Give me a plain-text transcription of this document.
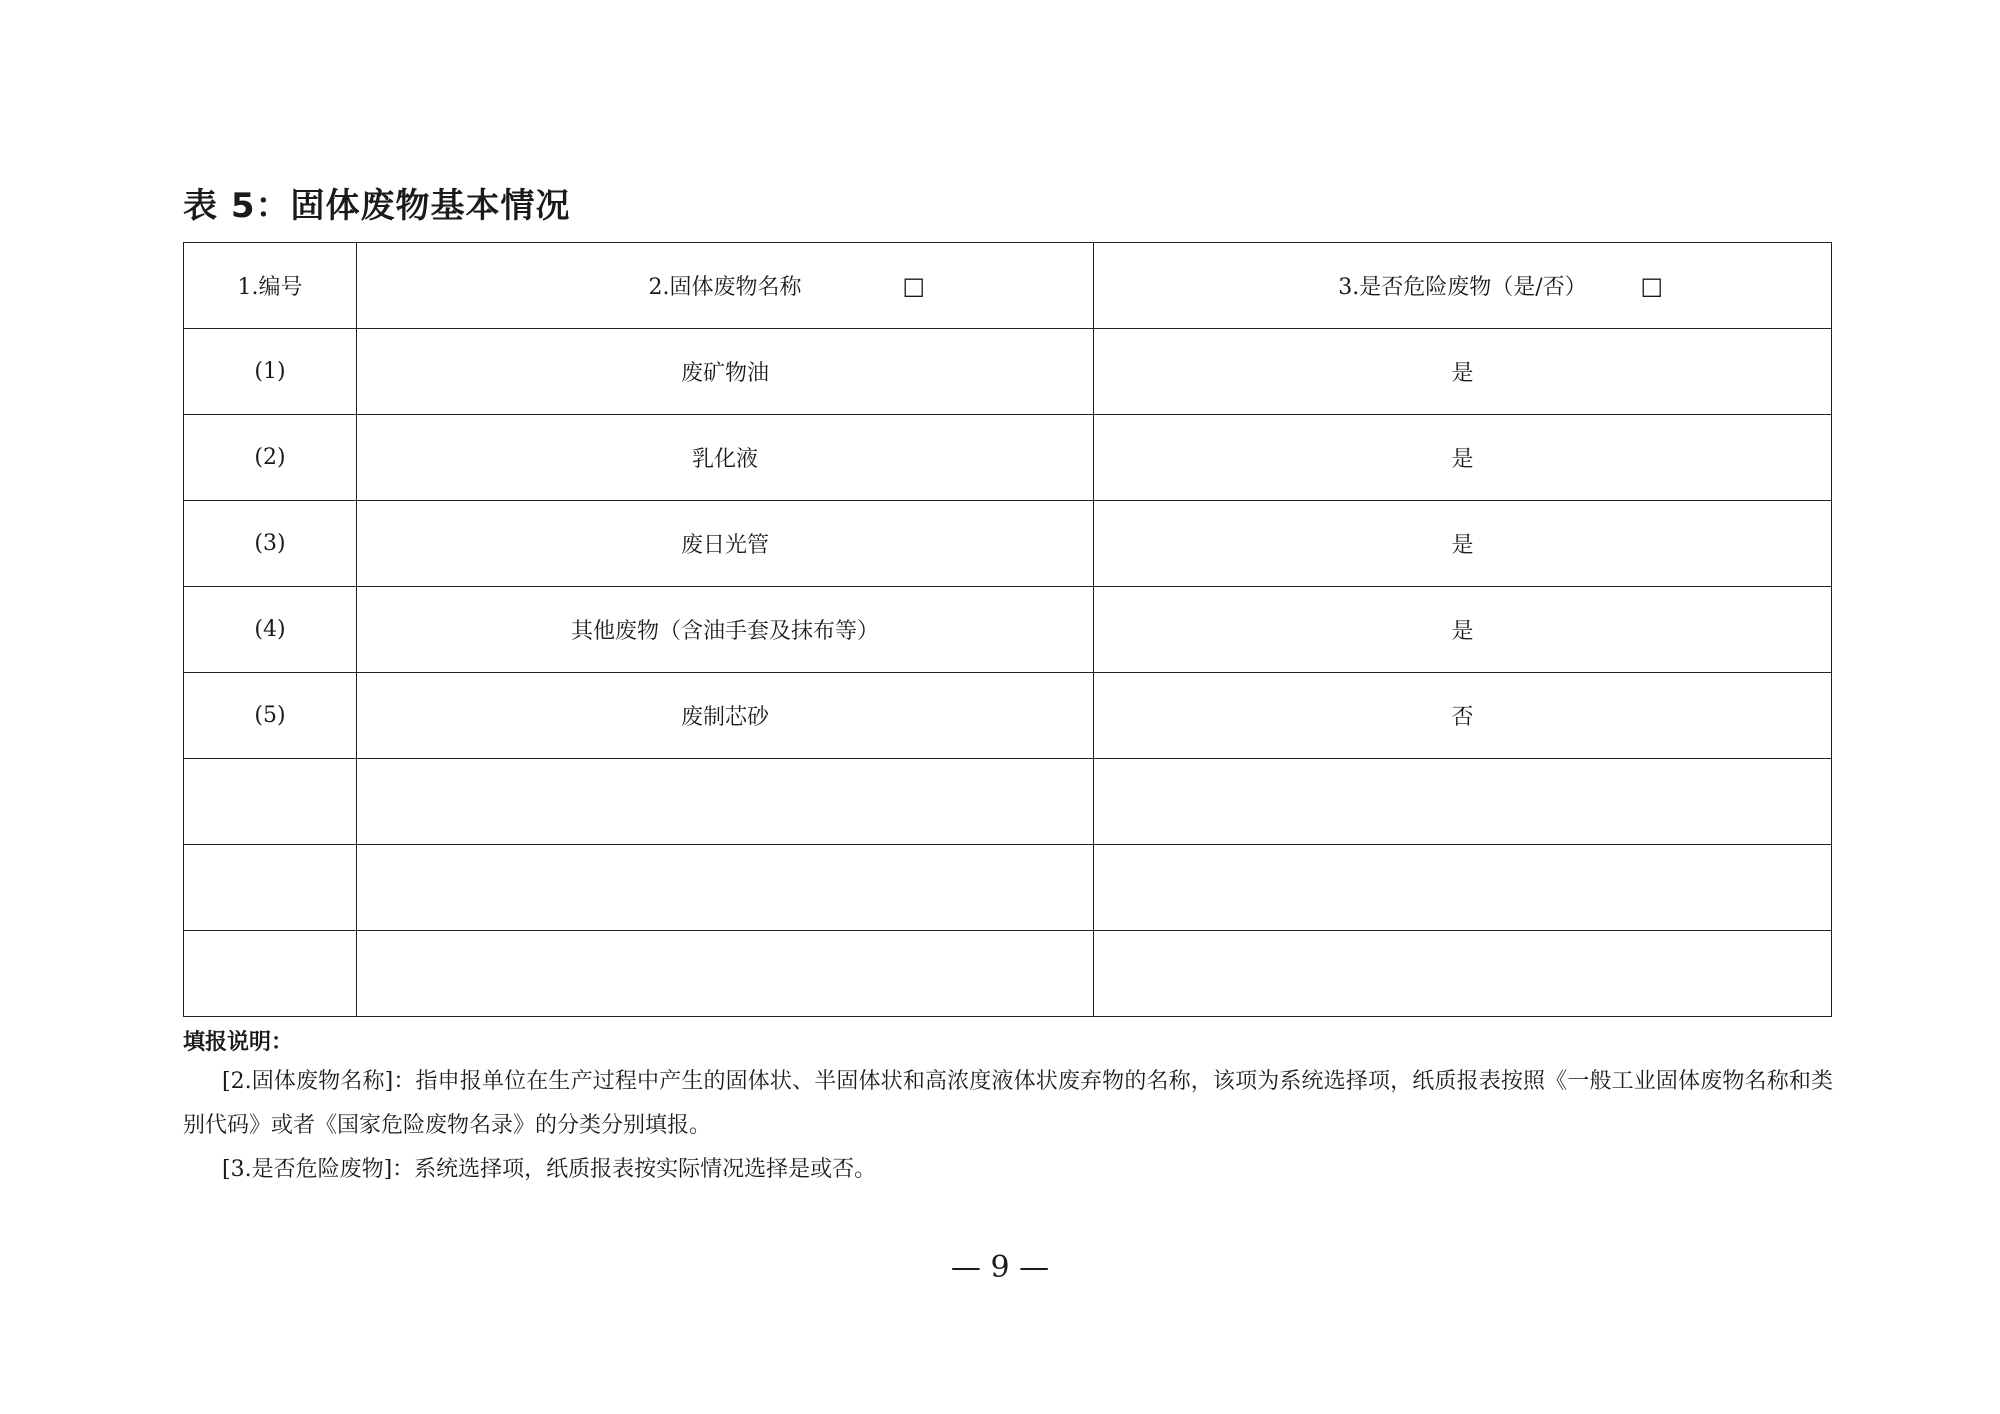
表 5：固体废物基本情况
1.编号	2.固体废物名称 □	3.是否危险废物（是/否） □

(1)	废矿物油	是
(2)	乳化液	是
(3)	废日光管	是
(4)	其他废物（含油手套及抹布等）	是
(5)	废制芯砂	否

填报说明：
[2.固体废物名称]：指申报单位在生产过程中产生的固体状、半固体状和高浓度液体状废弃物的名称，该项为系统选择项，纸质报表按照《一般工业固体废物名称和类别代码》或者《国家危险废物名录》的分类分别填报。
[3.是否危险废物]：系统选择项，纸质报表按实际情况选择是或否。
— 9 —
